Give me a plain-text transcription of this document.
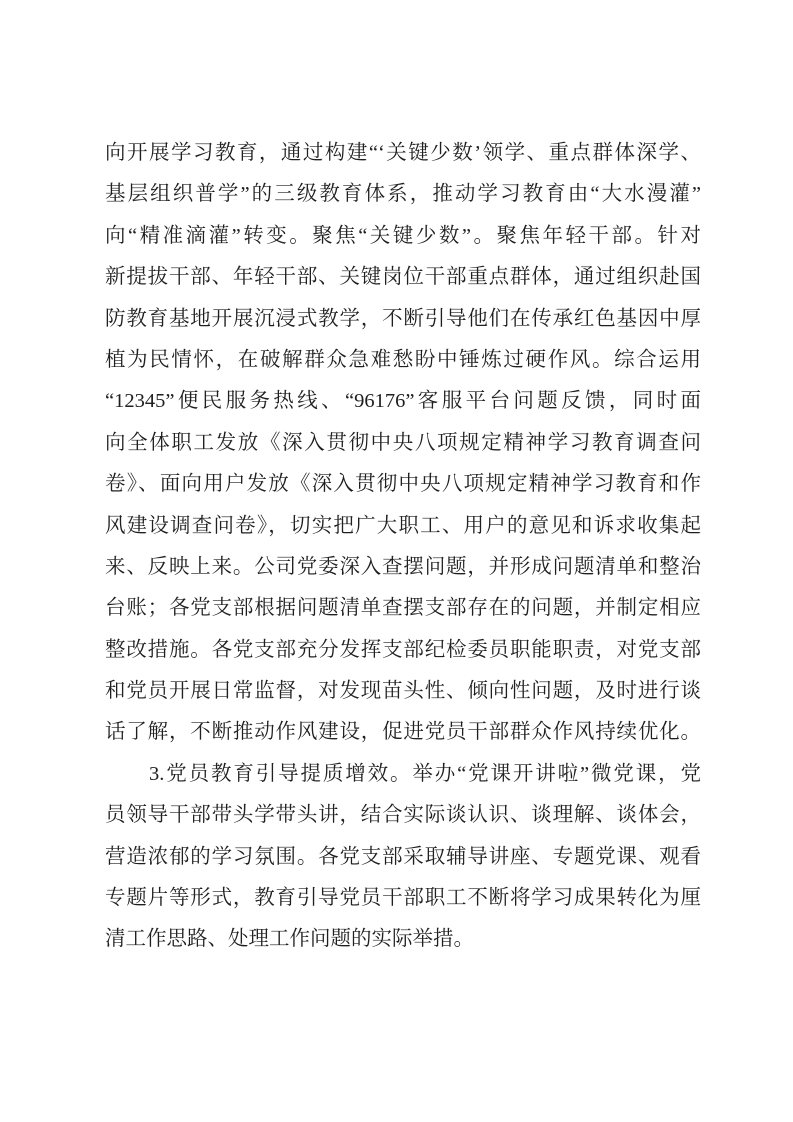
向开展学习教育，通过构建“‘关键少数’领学、重点群体深学、
基层组织普学”的三级教育体系，推动学习教育由“大水漫灌”
向“精准滴灌”转变。聚焦“关键少数”。聚焦年轻干部。针对
新提拔干部、年轻干部、关键岗位干部重点群体，通过组织赴国
防教育基地开展沉浸式教学，不断引导他们在传承红色基因中厚
植为民情怀，在破解群众急难愁盼中锤炼过硬作风。综合运用
“12345”便民服务热线、“96176”客服平台问题反馈，同时面
向全体职工发放《深入贯彻中央八项规定精神学习教育调查问
卷》、面向用户发放《深入贯彻中央八项规定精神学习教育和作
风建设调查问卷》，切实把广大职工、用户的意见和诉求收集起
来、反映上来。公司党委深入查摆问题，并形成问题清单和整治
台账；各党支部根据问题清单查摆支部存在的问题，并制定相应
整改措施。各党支部充分发挥支部纪检委员职能职责，对党支部
和党员开展日常监督，对发现苗头性、倾向性问题，及时进行谈
话了解，不断推动作风建设，促进党员干部群众作风持续优化。
3.党员教育引导提质增效。举办“党课开讲啦”微党课，党
员领导干部带头学带头讲，结合实际谈认识、谈理解、谈体会，
营造浓郁的学习氛围。各党支部采取辅导讲座、专题党课、观看
专题片等形式，教育引导党员干部职工不断将学习成果转化为厘
清工作思路、处理工作问题的实际举措。
